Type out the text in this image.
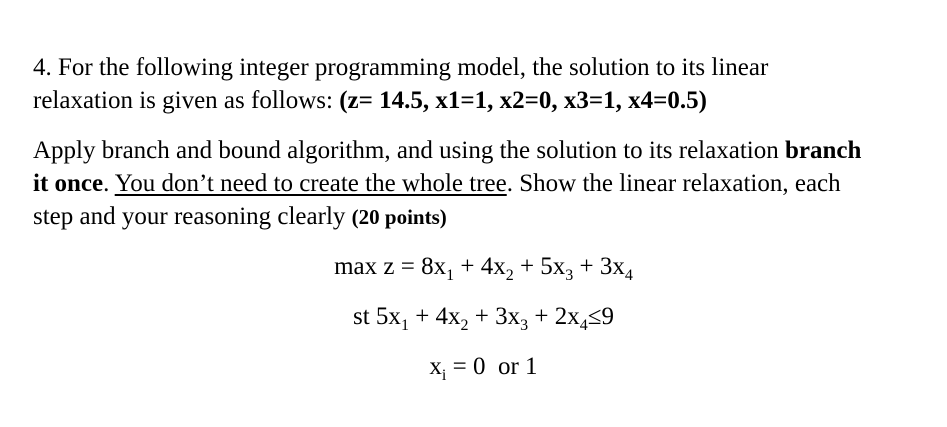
4. For the following integer programming model, the solution to its linear
relaxation is given as follows: (z= 14.5, x1=1, x2=0, x3=1, x4=0.5)

Apply branch and bound algorithm, and using the solution to its relaxation branch
it once. You don’t need to create the whole tree. Show the linear relaxation, each
step and your reasoning clearly (20 points)

$\max z = 8x_1 + 4x_2 + 5x_3 + 3x_4$
st $5x_1 + 4x_2 + 3x_3 + 2x_4\le 9$
$x_i = 0$  or 1
